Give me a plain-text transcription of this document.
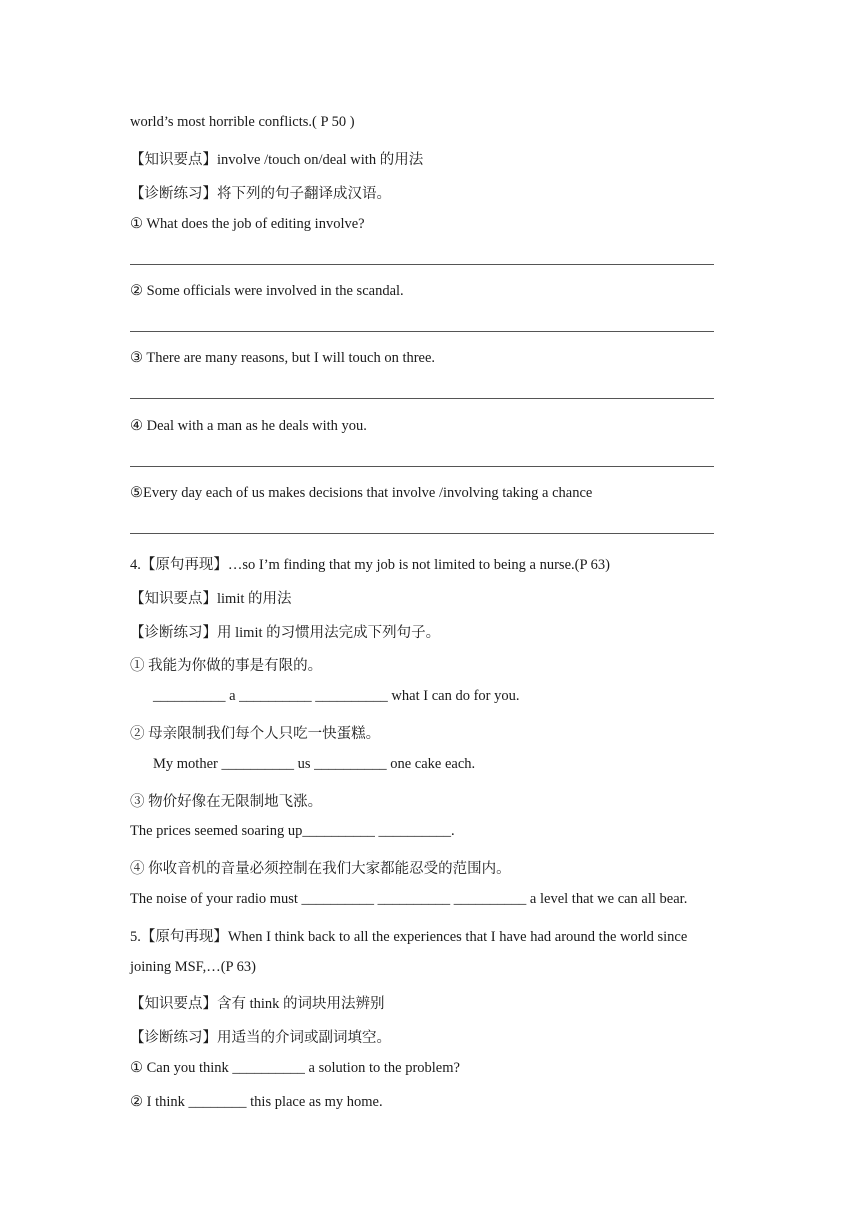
world’s most horrible conflicts.( P 50 )
【知识要点】involve /touch on/deal with 的用法
【诊断练习】将下列的句子翻译成汉语。
① What does the job of editing involve?
② Some officials were involved in the scandal.
③ There are many reasons, but I will touch on three.
④ Deal with a man as he deals with you.
⑤Every day each of us makes decisions that involve /involving taking a chance
4.【原句再现】…so I’m finding that my job is not limited to being a nurse.(P 63)
【知识要点】limit 的用法
【诊断练习】用 limit 的习惯用法完成下列句子。
① 我能为你做的事是有限的。
__________ a __________ __________ what I can do for you.
② 母亲限制我们每个人只吃一快蛋糕。
My mother __________ us __________ one cake each.
③ 物价好像在无限制地飞涨。
The prices seemed soaring up__________ __________.
④ 你收音机的音量必须控制在我们大家都能忍受的范围内。
The noise of your radio must __________ __________ __________ a level that we can all bear.
5.【原句再现】When I think back to all the experiences that I have had around the world since
joining MSF,…(P 63)
【知识要点】含有 think 的词块用法辨别
【诊断练习】用适当的介词或副词填空。
① Can you think __________ a solution to the problem?
② I think ________ this place as my home.
